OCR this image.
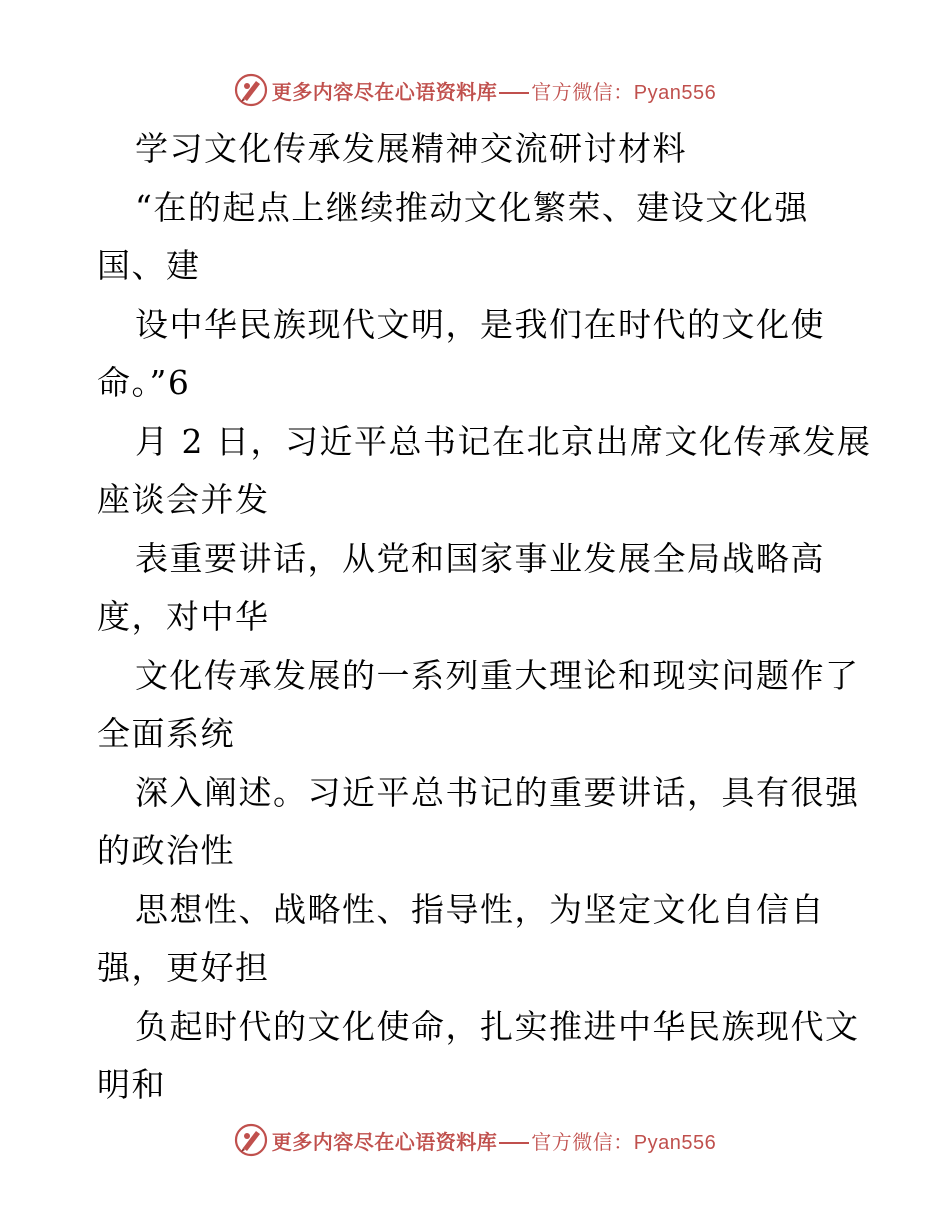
更多内容尽在心语资料库 官方微信：Pyan556
学习文化传承发展精神交流研讨材料
“在的起点上继续推动文化繁荣、建设文化强
国、建
设中华民族现代文明，是我们在时代的文化使
命。”6
月 2 日，习近平总书记在北京出席文化传承发展
座谈会并发
表重要讲话，从党和国家事业发展全局战略高
度，对中华
文化传承发展的一系列重大理论和现实问题作了
全面系统
深入阐述。习近平总书记的重要讲话，具有很强
的政治性
思想性、战略性、指导性，为坚定文化自信自
强，更好担
负起时代的文化使命，扎实推进中华民族现代文
明和
更多内容尽在心语资料库 官方微信：Pyan556
